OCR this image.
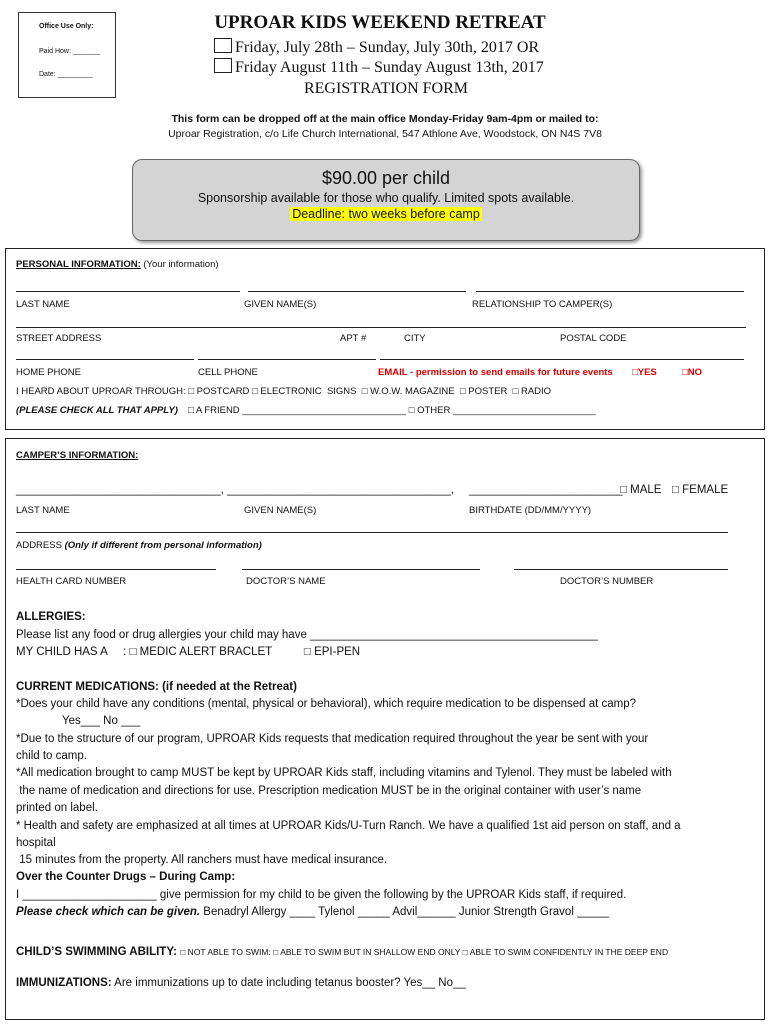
Office Use Only:
Paid How: _______
Date: _________
UPROAR KIDS WEEKEND RETREAT
Friday, July 28th – Sunday, July 30th, 2017 OR
Friday August 11th – Sunday August 13th, 2017
REGISTRATION FORM
This form can be dropped off at the main office Monday-Friday 9am-4pm or mailed to:
Uproar Registration, c/o Life Church International, 547 Athlone Ave, Woodstock, ON N4S 7V8
$90.00 per child
Sponsorship available for those who qualify. Limited spots available.
Deadline: two weeks before camp
PERSONAL INFORMATION: (Your information)
LAST NAME	GIVEN NAME(S)	RELATIONSHIP TO CAMPER(S)
STREET ADDRESS	APT #	CITY	POSTAL CODE
HOME PHONE	CELL PHONE	EMAIL - permission to send emails for future events □YES	□NO
I HEARD ABOUT UPROAR THROUGH: □ POSTCARD □ ELECTRONIC  SIGNS  □ W.O.W. MAGAZINE  □ POSTER  □ RADIO
(PLEASE CHECK ALL THAT APPLY) □ A FRIEND _______________________________ □ OTHER ___________________________
CAMPER’S INFORMATION:
________________________________, ___________________________________, ________________________
□ MALE □ FEMALE
LAST NAME	GIVEN NAME(S)	BIRTHDATE (DD/MM/YYYY)
ADDRESS (Only if different from personal information)
HEALTH CARD NUMBER	DOCTOR’S NAME	DOCTOR’S NUMBER
ALLERGIES:
Please list any food or drug allergies your child may have _____________________________________________
MY CHILD HAS A     : □ MEDIC ALERT BRACLET          □ EPI-PEN
CURRENT MEDICATIONS: (if needed at the Retreat)
*Does your child have any conditions (mental, physical or behavioral), which require medication to be dispensed at camp?
Yes___ No ___
*Due to the structure of our program, UPROAR Kids requests that medication required throughout the year be sent with your
child to camp.
*All medication brought to camp MUST be kept by UPROAR Kids staff, including vitamins and Tylenol. They must be labeled with
the name of medication and directions for use. Prescription medication MUST be in the original container with user’s name
printed on label.
* Health and safety are emphasized at all times at UPROAR Kids/U-Turn Ranch. We have a qualified 1st aid person on staff, and a
hospital
15 minutes from the property. All ranchers must have medical insurance.
Over the Counter Drugs – During Camp:
I _____________________ give permission for my child to be given the following by the UPROAR Kids staff, if required.
Please check which can be given. Benadryl Allergy ____ Tylenol _____ Advil______ Junior Strength Gravol _____
CHILD’S SWIMMING ABILITY: □ NOT ABLE TO SWIM: □ ABLE TO SWIM BUT IN SHALLOW END ONLY □ ABLE TO SWIM CONFIDENTLY IN THE DEEP END
IMMUNIZATIONS: Are immunizations up to date including tetanus booster? Yes__ No__
